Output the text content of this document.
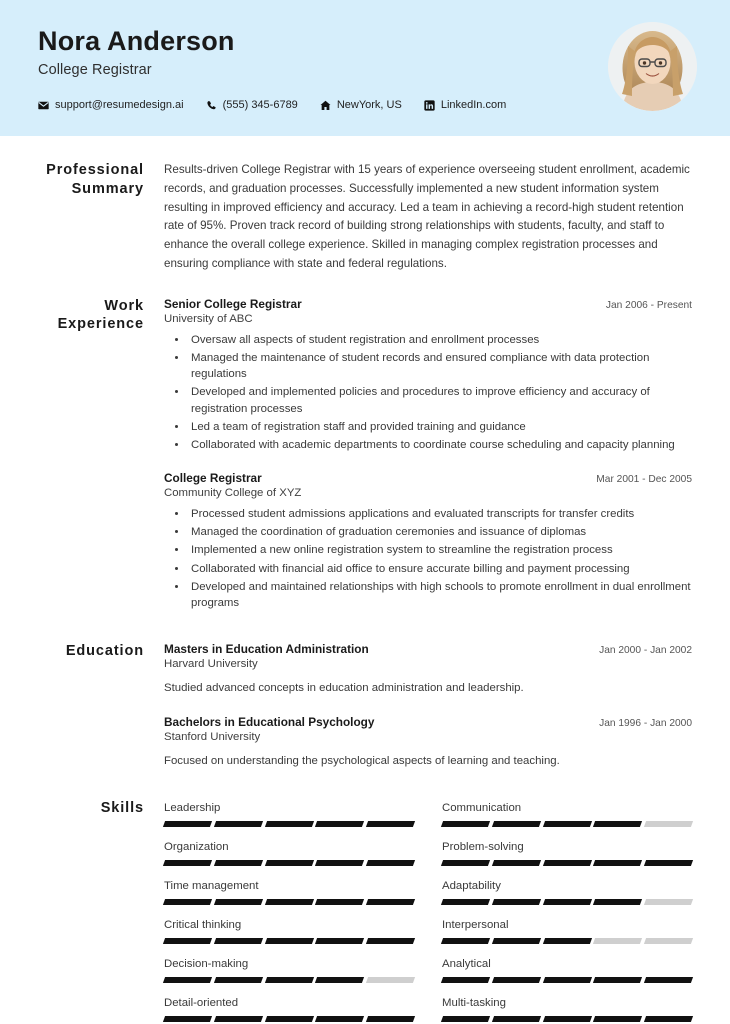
Nora Anderson
College Registrar
support@resumedesign.ai	(555) 345-6789	NewYork, US	LinkedIn.com
Professional Summary
Results-driven College Registrar with 15 years of experience overseeing student enrollment, academic records, and graduation processes. Successfully implemented a new student information system resulting in improved efficiency and accuracy. Led a team in achieving a record-high student retention rate of 95%. Proven track record of building strong relationships with students, faculty, and staff to enhance the overall college experience. Skilled in managing complex registration processes and ensuring compliance with state and federal regulations.
Work Experience
Senior College Registrar	Jan 2006 - Present
University of ABC
• Oversaw all aspects of student registration and enrollment processes
• Managed the maintenance of student records and ensured compliance with data protection regulations
• Developed and implemented policies and procedures to improve efficiency and accuracy of registration processes
• Led a team of registration staff and provided training and guidance
• Collaborated with academic departments to coordinate course scheduling and capacity planning
College Registrar	Mar 2001 - Dec 2005
Community College of XYZ
• Processed student admissions applications and evaluated transcripts for transfer credits
• Managed the coordination of graduation ceremonies and issuance of diplomas
• Implemented a new online registration system to streamline the registration process
• Collaborated with financial aid office to ensure accurate billing and payment processing
• Developed and maintained relationships with high schools to promote enrollment in dual enrollment programs
Education	Masters in Education Administration	Jan 2000 - Jan 2002
Harvard University
Studied advanced concepts in education administration and leadership.
Bachelors in Educational Psychology	Jan 1996 - Jan 2000
Stanford University
Focused on understanding the psychological aspects of learning and teaching.
Skills	Leadership	Communication
Organization	Problem-solving
Time management	Adaptability
Critical thinking	Interpersonal
Decision-making	Analytical
Detail-oriented	Multi-tasking
